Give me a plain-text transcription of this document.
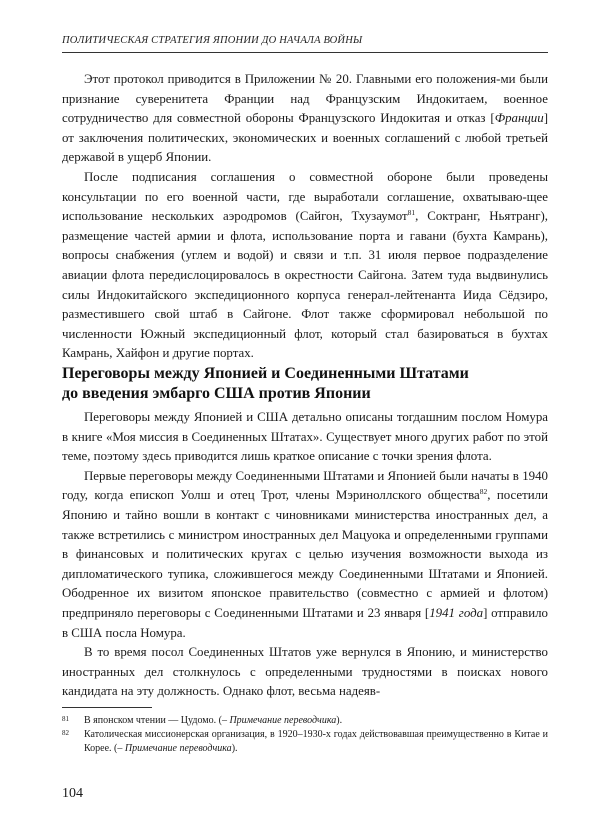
ПОЛИТИЧЕСКАЯ СТРАТЕГИЯ ЯПОНИИ ДО НАЧАЛА ВОЙНЫ

Этот протокол приводится в Приложении № 20. Главными его положения-ми были признание суверенитета Франции над Французским Индокитаем, военное сотрудничество для совместной обороны Французского Индокитая и отказ [Франции] от заключения политических, экономических и военных соглашений с любой третьей державой в ущерб Японии.

После подписания соглашения о совместной обороне были проведены консультации по его военной части, где выработали соглашение, охватываю-щее использование нескольких аэродромов (Сайгон, Тхузаумот$^{81}$, Соктранг, Ньятранг), размещение частей армии и флота, использование порта и гавани (бухта Камрань), вопросы снабжения (углем и водой) и связи и т.п. 31 июля первое подразделение авиации флота передислоцировалось в окрестности Сайгона. Затем туда выдвинулись силы Индокитайского экспедиционного корпуса генерал-лейтенанта Иида Сёдзиро, разместившего свой штаб в Сайгоне. Флот также сформировал небольшой по численности Южный экспедиционный флот, который стал базироваться в бухтах Камрань, Хайфон и другие портах.

Переговоры между Японией и Соединенными Штатами
до введения эмбарго США против Японии

Переговоры между Японией и США детально описаны тогдашним послом Номура в книге «Моя миссия в Соединенных Штатах». Существует много других работ по этой теме, поэтому здесь приводится лишь краткое описание с точки зрения флота.

Первые переговоры между Соединенными Штатами и Японией были начаты в 1940 году, когда епископ Уолш и отец Трот, члены Мэриноллского общества$^{82}$, посетили Японию и тайно вошли в контакт с чиновниками министерства иностранных дел, а также встретились с министром иностранных дел Мацуока и определенными группами в финансовых и политических кругах с целью изучения возможности выхода из дипломатического тупика, сложившегося между Соединенными Штатами и Японией. Ободренное их визитом японское правительство (совместно с армией и флотом) предприняло переговоры с Соединенными Штатами и 23 января [1941 года] отправило в США посла Номура.

В то время посол Соединенных Штатов уже вернулся в Японию, и министерство иностранных дел столкнулось с определенными трудностями в поисках нового кандидата на эту должность. Однако флот, весьма надеяв-

81 В японском чтении — Цудомо. (– Примечание переводчика).

82 Католическая миссионерская организация, в 1920–1930-х годах действовавшая преимущественно в Китае и Корее. (– Примечание переводчика).

104
